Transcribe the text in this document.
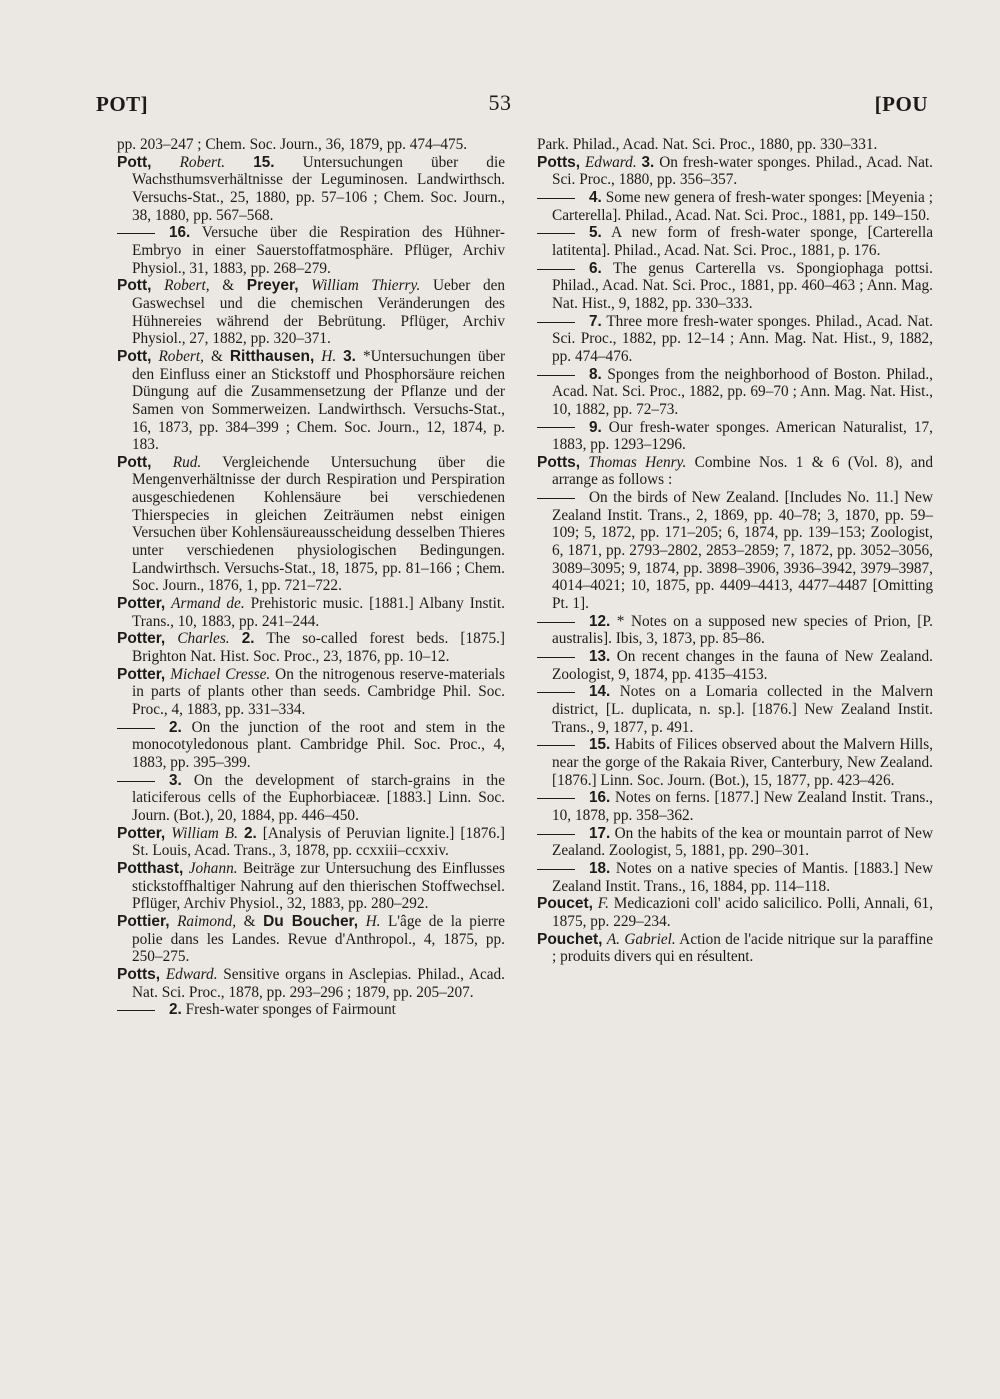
POT]	53	[POU

pp. 203–247 ; Chem. Soc. Journ., 36, 1879, pp. 474–475.

Pott, Robert. 15. Untersuchungen über die Wachsthumsverhältnisse der Leguminosen. Landwirthsch. Versuchs-Stat., 25, 1880, pp. 57–106 ; Chem. Soc. Journ., 38, 1880, pp. 567–568.

16. Versuche über die Respiration des Hühner-Embryo in einer Sauerstoffatmosphäre. Pflüger, Archiv Physiol., 31, 1883, pp. 268–279.

Pott, Robert, & Preyer, William Thierry. Ueber den Gaswechsel und die chemischen Veränderungen des Hühnereies während der Bebrütung. Pflüger, Archiv Physiol., 27, 1882, pp. 320–371.

Pott, Robert, & Ritthausen, H. 3. *Untersuchungen über den Einfluss einer an Stickstoff und Phosphorsäure reichen Düngung auf die Zusammensetzung der Pflanze und der Samen von Sommerweizen. Landwirthsch. Versuchs-Stat., 16, 1873, pp. 384–399 ; Chem. Soc. Journ., 12, 1874, p. 183.

Pott, Rud. Vergleichende Untersuchung über die Mengenverhältnisse der durch Respiration und Perspiration ausgeschiedenen Kohlensäure bei verschiedenen Thierspecies in gleichen Zeiträumen nebst einigen Versuchen über Kohlensäureausscheidung desselben Thieres unter verschiedenen physiologischen Bedingungen. Landwirthsch. Versuchs-Stat., 18, 1875, pp. 81–166 ; Chem. Soc. Journ., 1876, 1, pp. 721–722.

Potter, Armand de. Prehistoric music. [1881.] Albany Instit. Trans., 10, 1883, pp. 241–244.

Potter, Charles. 2. The so-called forest beds. [1875.] Brighton Nat. Hist. Soc. Proc., 23, 1876, pp. 10–12.

Potter, Michael Cresse. On the nitrogenous reserve-materials in parts of plants other than seeds. Cambridge Phil. Soc. Proc., 4, 1883, pp. 331–334.

2. On the junction of the root and stem in the monocotyledonous plant. Cambridge Phil. Soc. Proc., 4, 1883, pp. 395–399.

3. On the development of starch-grains in the laticiferous cells of the Euphorbiaceæ. [1883.] Linn. Soc. Journ. (Bot.), 20, 1884, pp. 446–450.

Potter, William B. 2. [Analysis of Peruvian lignite.] [1876.] St. Louis, Acad. Trans., 3, 1878, pp. ccxxiii–ccxxiv.

Potthast, Johann. Beiträge zur Untersuchung des Einflusses stickstoffhaltiger Nahrung auf den thierischen Stoffwechsel. Pflüger, Archiv Physiol., 32, 1883, pp. 280–292.

Pottier, Raimond, & Du Boucher, H. L'âge de la pierre polie dans les Landes. Revue d'Anthropol., 4, 1875, pp. 250–275.

Potts, Edward. Sensitive organs in Asclepias. Philad., Acad. Nat. Sci. Proc., 1878, pp. 293–296 ; 1879, pp. 205–207.

2. Fresh-water sponges of Fairmount

Park. Philad., Acad. Nat. Sci. Proc., 1880, pp. 330–331.

Potts, Edward. 3. On fresh-water sponges. Philad., Acad. Nat. Sci. Proc., 1880, pp. 356–357.

4. Some new genera of fresh-water sponges: [Meyenia ; Carterella]. Philad., Acad. Nat. Sci. Proc., 1881, pp. 149–150.

5. A new form of fresh-water sponge, [Carterella latitenta]. Philad., Acad. Nat. Sci. Proc., 1881, p. 176.

6. The genus Carterella vs. Spongiophaga pottsi. Philad., Acad. Nat. Sci. Proc., 1881, pp. 460–463 ; Ann. Mag. Nat. Hist., 9, 1882, pp. 330–333.

7. Three more fresh-water sponges. Philad., Acad. Nat. Sci. Proc., 1882, pp. 12–14 ; Ann. Mag. Nat. Hist., 9, 1882, pp. 474–476.

8. Sponges from the neighborhood of Boston. Philad., Acad. Nat. Sci. Proc., 1882, pp. 69–70 ; Ann. Mag. Nat. Hist., 10, 1882, pp. 72–73.

9. Our fresh-water sponges. American Naturalist, 17, 1883, pp. 1293–1296.

Potts, Thomas Henry. Combine Nos. 1 & 6 (Vol. 8), and arrange as follows :

On the birds of New Zealand. [Includes No. 11.] New Zealand Instit. Trans., 2, 1869, pp. 40–78; 3, 1870, pp. 59–109; 5, 1872, pp. 171–205; 6, 1874, pp. 139–153; Zoologist, 6, 1871, pp. 2793–2802, 2853–2859; 7, 1872, pp. 3052–3056, 3089–3095; 9, 1874, pp. 3898–3906, 3936–3942, 3979–3987, 4014–4021; 10, 1875, pp. 4409–4413, 4477–4487 [Omitting Pt. 1].

12. * Notes on a supposed new species of Prion, [P. australis]. Ibis, 3, 1873, pp. 85–86.

13. On recent changes in the fauna of New Zealand. Zoologist, 9, 1874, pp. 4135–4153.

14. Notes on a Lomaria collected in the Malvern district, [L. duplicata, n. sp.]. [1876.] New Zealand Instit. Trans., 9, 1877, p. 491.

15. Habits of Filices observed about the Malvern Hills, near the gorge of the Rakaia River, Canterbury, New Zealand. [1876.] Linn. Soc. Journ. (Bot.), 15, 1877, pp. 423–426.

16. Notes on ferns. [1877.] New Zealand Instit. Trans., 10, 1878, pp. 358–362.

17. On the habits of the kea or mountain parrot of New Zealand. Zoologist, 5, 1881, pp. 290–301.

18. Notes on a native species of Mantis. [1883.] New Zealand Instit. Trans., 16, 1884, pp. 114–118.

Poucet, F. Medicazioni coll' acido salicilico. Polli, Annali, 61, 1875, pp. 229–234.

Pouchet, A. Gabriel. Action de l'acide nitrique sur la paraffine ; produits divers qui en résultent.
